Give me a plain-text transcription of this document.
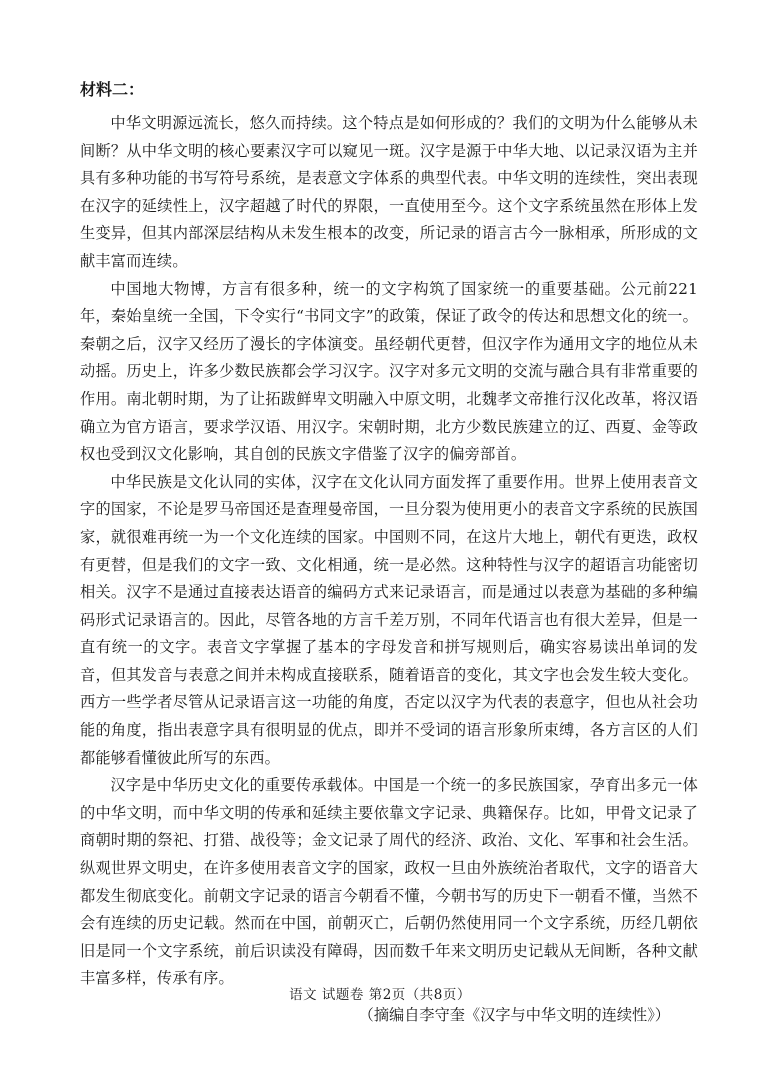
材料二：

中华文明源远流长，悠久而持续。这个特点是如何形成的？我们的文明为什么能够从未间断？从中华文明的核心要素汉字可以窥见一斑。汉字是源于中华大地、以记录汉语为主并具有多种功能的书写符号系统，是表意文字体系的典型代表。中华文明的连续性，突出表现在汉字的延续性上，汉字超越了时代的界限，一直使用至今。这个文字系统虽然在形体上发生变异，但其内部深层结构从未发生根本的改变，所记录的语言古今一脉相承，所形成的文献丰富而连续。

中国地大物博，方言有很多种，统一的文字构筑了国家统一的重要基础。公元前221年，秦始皇统一全国，下令实行“书同文字”的政策，保证了政令的传达和思想文化的统一。秦朝之后，汉字又经历了漫长的字体演变。虽经朝代更替，但汉字作为通用文字的地位从未动摇。历史上，许多少数民族都会学习汉字。汉字对多元文明的交流与融合具有非常重要的作用。南北朝时期，为了让拓跋鲜卑文明融入中原文明，北魏孝文帝推行汉化改革，将汉语确立为官方语言，要求学汉语、用汉字。宋朝时期，北方少数民族建立的辽、西夏、金等政权也受到汉文化影响，其自创的民族文字借鉴了汉字的偏旁部首。

中华民族是文化认同的实体，汉字在文化认同方面发挥了重要作用。世界上使用表音文字的国家，不论是罗马帝国还是查理曼帝国，一旦分裂为使用更小的表音文字系统的民族国家，就很难再统一为一个文化连续的国家。中国则不同，在这片大地上，朝代有更迭，政权有更替，但是我们的文字一致、文化相通，统一是必然。这种特性与汉字的超语言功能密切相关。汉字不是通过直接表达语音的编码方式来记录语言，而是通过以表意为基础的多种编码形式记录语言的。因此，尽管各地的方言千差万别，不同年代语言也有很大差异，但是一直有统一的文字。表音文字掌握了基本的字母发音和拼写规则后，确实容易读出单词的发音，但其发音与表意之间并未构成直接联系，随着语音的变化，其文字也会发生较大变化。西方一些学者尽管从记录语言这一功能的角度，否定以汉字为代表的表意字，但也从社会功能的角度，指出表意字具有很明显的优点，即并不受词的语言形象所束缚，各方言区的人们都能够看懂彼此所写的东西。

汉字是中华历史文化的重要传承载体。中国是一个统一的多民族国家，孕育出多元一体的中华文明，而中华文明的传承和延续主要依靠文字记录、典籍保存。比如，甲骨文记录了商朝时期的祭祀、打猎、战役等；金文记录了周代的经济、政治、文化、军事和社会生活。纵观世界文明史，在许多使用表音文字的国家，政权一旦由外族统治者取代，文字的语音大都发生彻底变化。前朝文字记录的语言今朝看不懂，今朝书写的历史下一朝看不懂，当然不会有连续的历史记载。然而在中国，前朝灭亡，后朝仍然使用同一个文字系统，历经几朝依旧是同一个文字系统，前后识读没有障碍，因而数千年来文明历史记载从无间断，各种文献丰富多样，传承有序。

（摘编自李守奎《汉字与中华文明的连续性》）
语文 试题卷 第2页（共8页）
